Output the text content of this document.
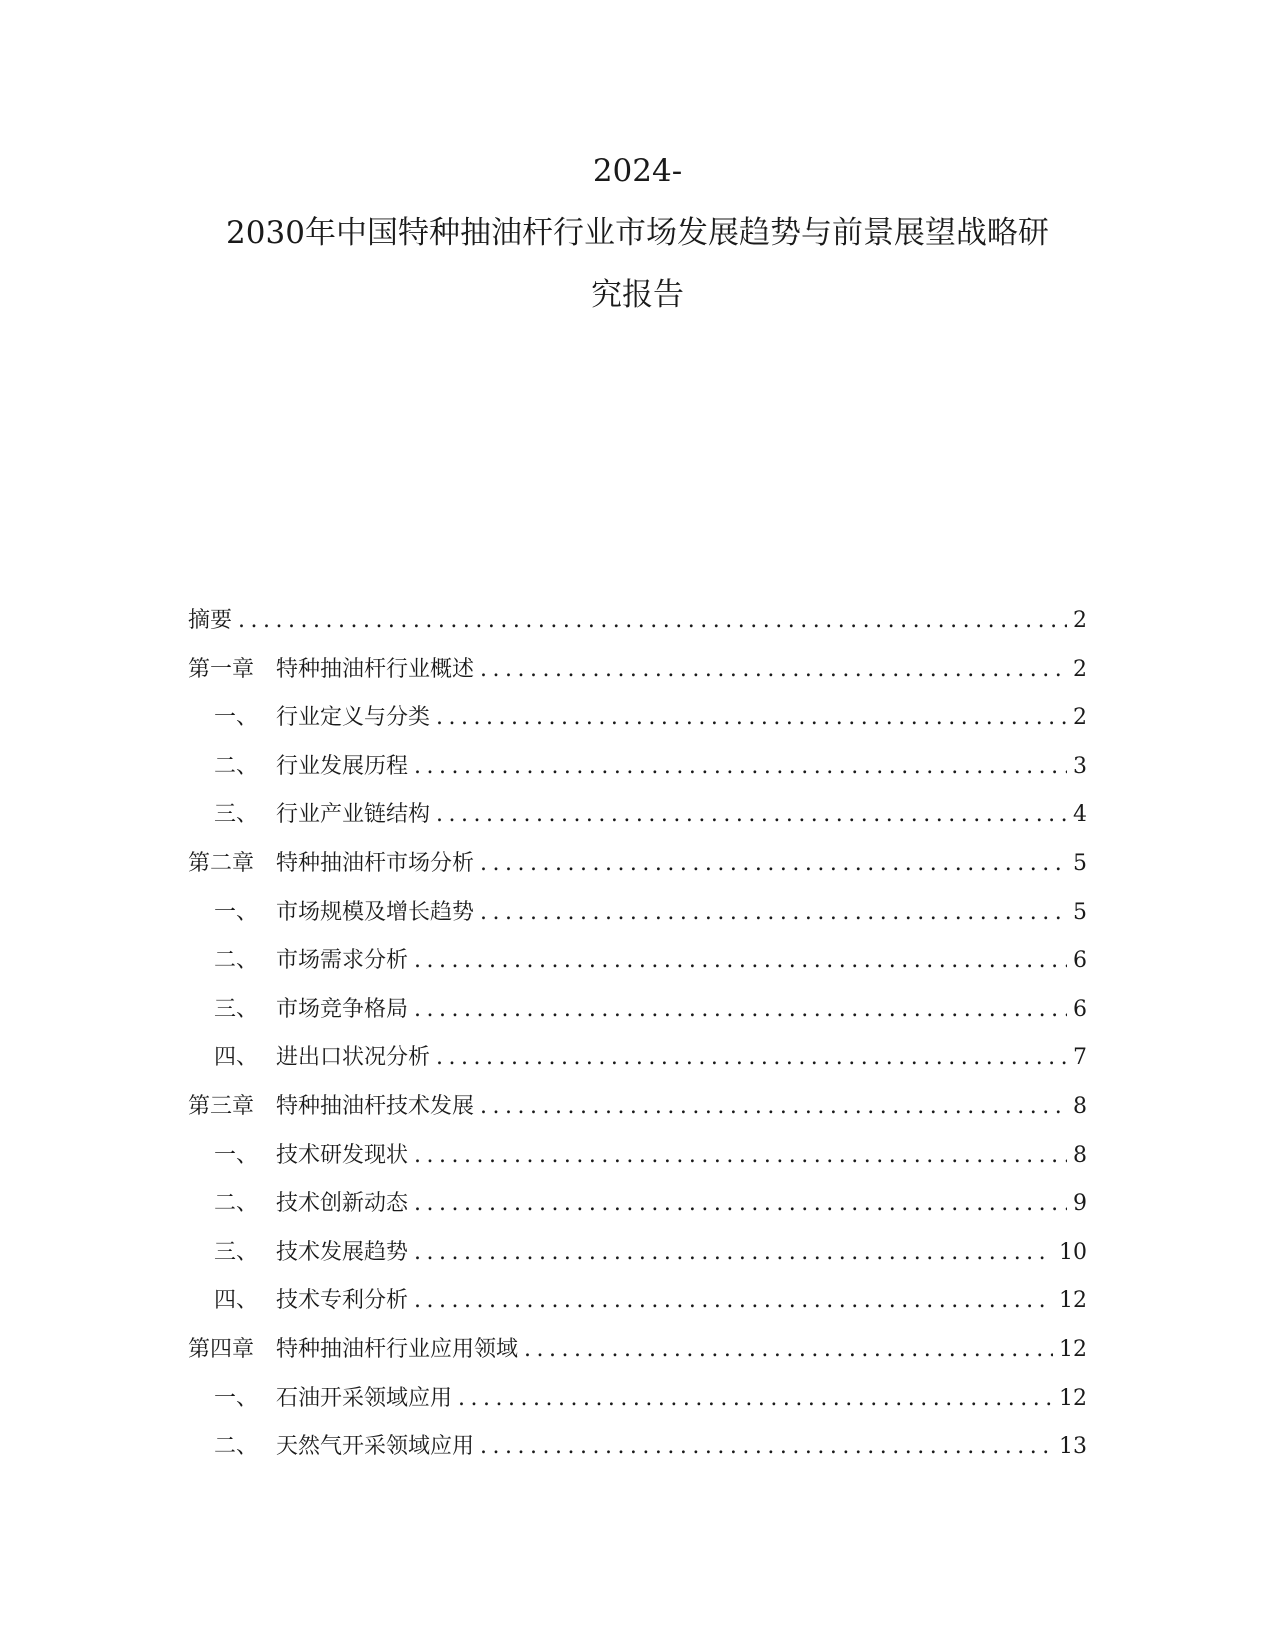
2024-
2030年中国特种抽油杆行业市场发展趋势与前景展望战略研
究报告
摘要 .....	2
第一章 特种抽油杆行业概述 .....	2
一、 行业定义与分类 .....	2
二、 行业发展历程 .....	3
三、 行业产业链结构 .....	4
第二章 特种抽油杆市场分析 .....	5
一、 市场规模及增长趋势 .....	5
二、 市场需求分析 .....	6
三、 市场竞争格局 .....	6
四、 进出口状况分析 .....	7
第三章 特种抽油杆技术发展 .....	8
一、 技术研发现状 .....	8
二、 技术创新动态 .....	9
三、 技术发展趋势 .....	10
四、 技术专利分析 .....	12
第四章 特种抽油杆行业应用领域 .....	12
一、 石油开采领域应用 .....	12
二、 天然气开采领域应用 .....	13
